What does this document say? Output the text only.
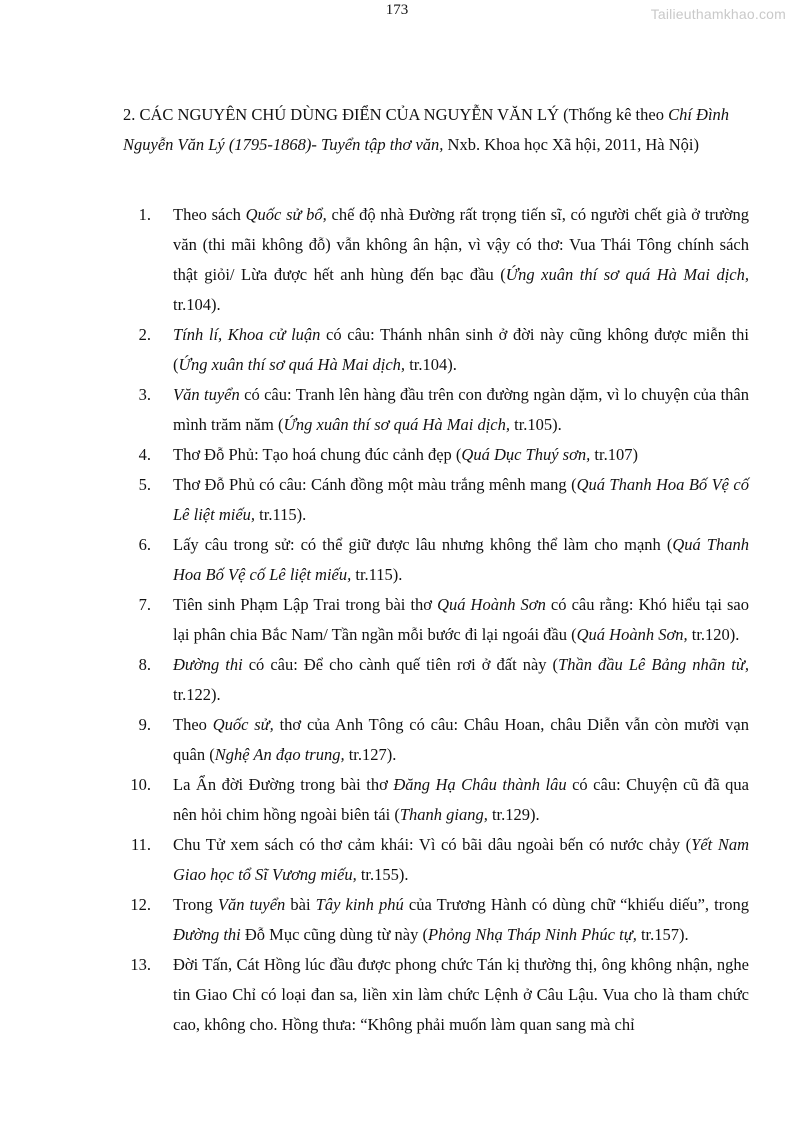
173	Tailieuthamkhao.com
2. CÁC NGUYÊN CHÚ DÙNG ĐIỂN CỦA NGUYỄN VĂN LÝ (Thống kê theo Chí Đình Nguyễn Văn Lý (1795-1868)- Tuyển tập thơ văn, Nxb. Khoa học Xã hội, 2011, Hà Nội)
1. Theo sách Quốc sử bổ, chế độ nhà Đường rất trọng tiến sĩ, có người chết già ở trường văn (thi mãi không đỗ) vẫn không ân hận, vì vậy có thơ: Vua Thái Tông chính sách thật giỏi/ Lừa được hết anh hùng đến bạc đầu (Ứng xuân thí sơ quá Hà Mai dịch, tr.104).
2. Tính lí, Khoa cử luận có câu: Thánh nhân sinh ở đời này cũng không được miễn thi (Ứng xuân thí sơ quá Hà Mai dịch, tr.104).
3. Văn tuyển có câu: Tranh lên hàng đầu trên con đường ngàn dặm, vì lo chuyện của thân mình trăm năm (Ứng xuân thí sơ quá Hà Mai dịch, tr.105).
4. Thơ Đỗ Phủ: Tạo hoá chung đúc cảnh đẹp (Quá Dục Thuý sơn, tr.107)
5. Thơ Đỗ Phủ có câu: Cánh đồng một màu trắng mênh mang (Quá Thanh Hoa Bố Vệ cố Lê liệt miếu, tr.115).
6. Lấy câu trong sử: có thể giữ được lâu nhưng không thể làm cho mạnh (Quá Thanh Hoa Bố Vệ cố Lê liệt miếu, tr.115).
7. Tiên sinh Phạm Lập Trai trong bài thơ Quá Hoành Sơn có câu rằng: Khó hiểu tại sao lại phân chia Bắc Nam/ Tần ngần mỗi bước đi lại ngoái đầu (Quá Hoành Sơn, tr.120).
8. Đường thi có câu: Để cho cành quế tiên rơi ở đất này (Thần đầu Lê Bảng nhãn từ, tr.122).
9. Theo Quốc sử, thơ của Anh Tông có câu: Châu Hoan, châu Diễn vẫn còn mười vạn quân (Nghệ An đạo trung, tr.127).
10. La Ẩn đời Đường trong bài thơ Đăng Hạ Châu thành lâu có câu: Chuyện cũ đã qua nên hỏi chim hồng ngoài biên tái (Thanh giang, tr.129).
11. Chu Tử xem sách có thơ cảm khái: Vì có bãi dâu ngoài bến có nước chảy (Yết Nam Giao học tổ Sĩ Vương miếu, tr.155).
12. Trong Văn tuyển bài Tây kinh phú của Trương Hành có dùng chữ “khiếu diếu”, trong Đường thi Đỗ Mục cũng dùng từ này (Phỏng Nhạ Tháp Ninh Phúc tự, tr.157).
13. Đời Tấn, Cát Hồng lúc đầu được phong chức Tán kị thường thị, ông không nhận, nghe tin Giao Chỉ có loại đan sa, liền xin làm chức Lệnh ở Câu Lậu. Vua cho là tham chức cao, không cho. Hồng thưa: “Không phải muốn làm quan sang mà chỉ
